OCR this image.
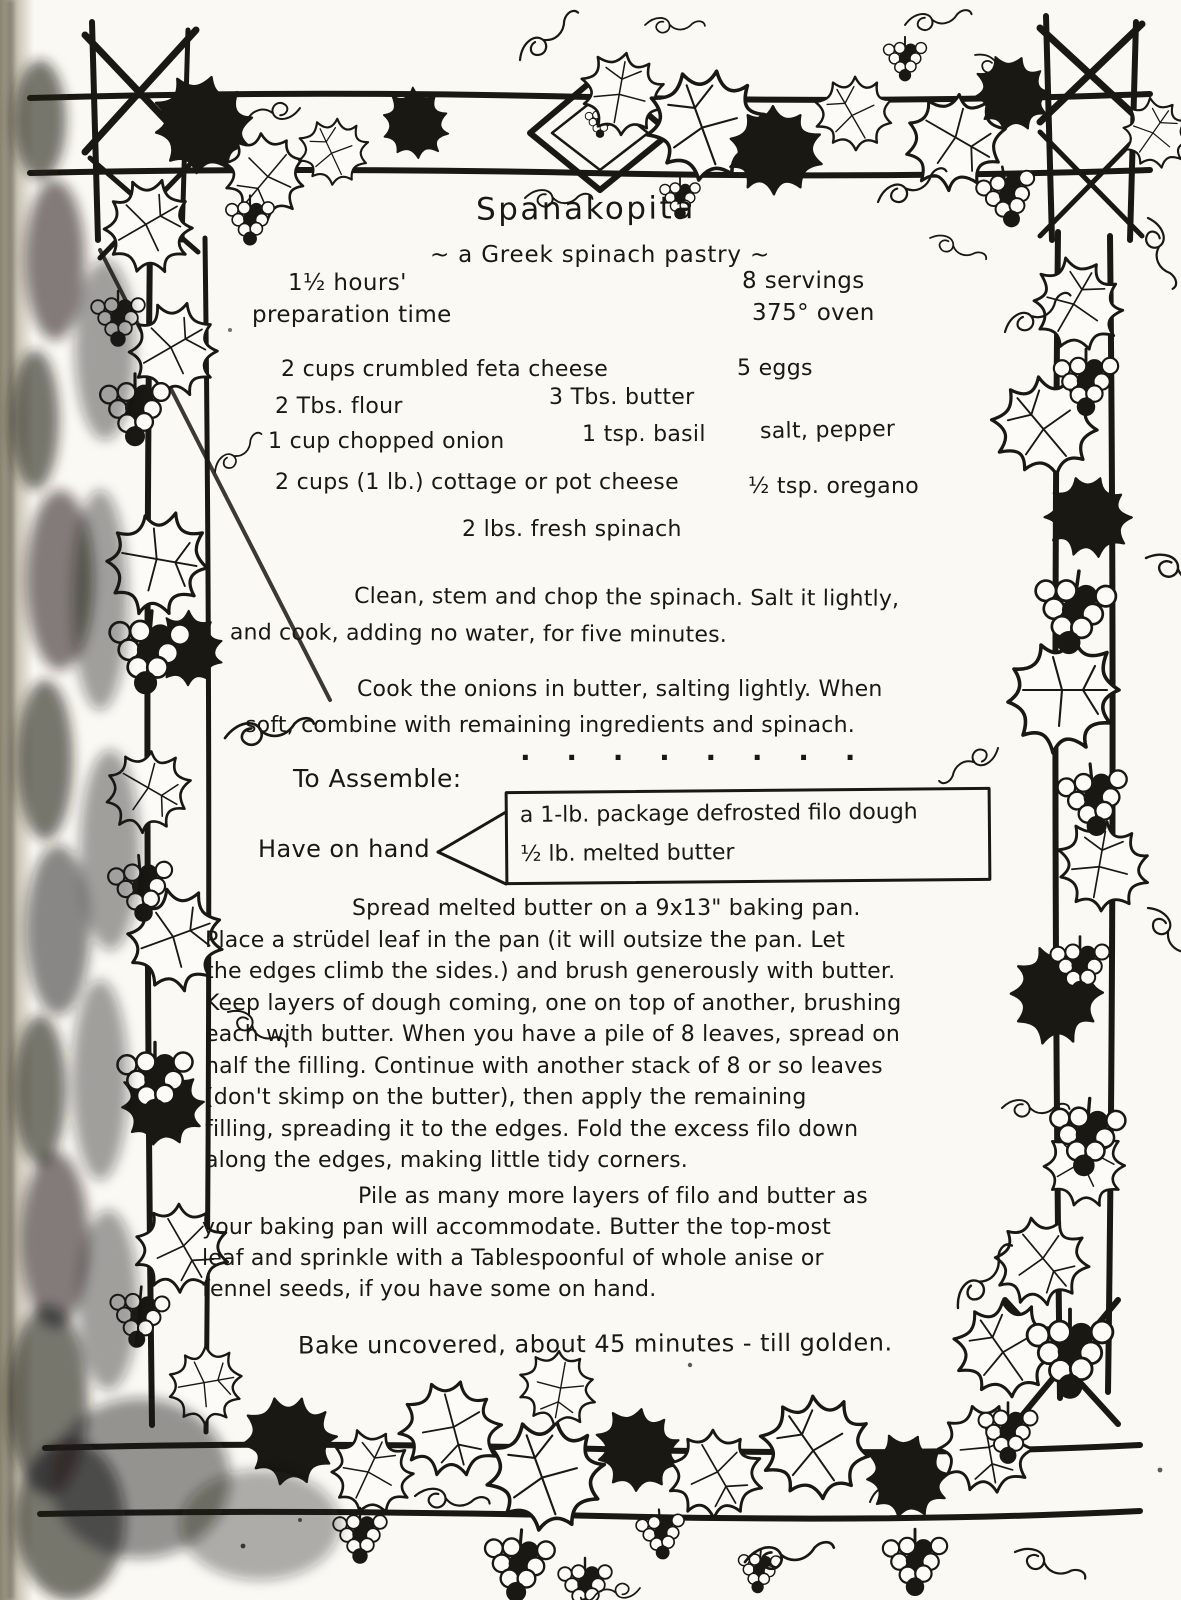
Spanakopita
~ a Greek spinach pastry ~
1½ hours'
preparation time
8 servings
375° oven
2 cups crumbled feta cheese
2 Tbs. flour
1 cup chopped onion
2 cups (1 lb.) cottage or pot cheese
2 lbs. fresh spinach
3 Tbs. butter
1 tsp. basil
5 eggs
salt, pepper
½ tsp. oregano
Clean, stem and chop the spinach. Salt it lightly,
and cook, adding no water, for five minutes.
Cook the onions in butter, salting lightly. When
soft, combine with remaining ingredients and spinach.
· · · · · · · ·
To Assemble:
Have on hand
a 1-lb. package defrosted filo dough
½ lb. melted butter
Spread melted butter on a 9x13" baking pan.
Place a strüdel leaf in the pan (it will outsize the pan. Let
the edges climb the sides.) and brush generously with butter.
Keep layers of dough coming, one on top of another, brushing
each with butter. When you have a pile of 8 leaves, spread on
half the filling. Continue with another stack of 8 or so leaves
(don't skimp on the butter), then apply the remaining
filling, spreading it to the edges. Fold the excess filo down
along the edges, making little tidy corners.
Pile as many more layers of filo and butter as
your baking pan will accommodate. Butter the top-most
leaf and sprinkle with a Tablespoonful of whole anise or
fennel seeds, if you have some on hand.
Bake uncovered, about 45 minutes - till golden.
